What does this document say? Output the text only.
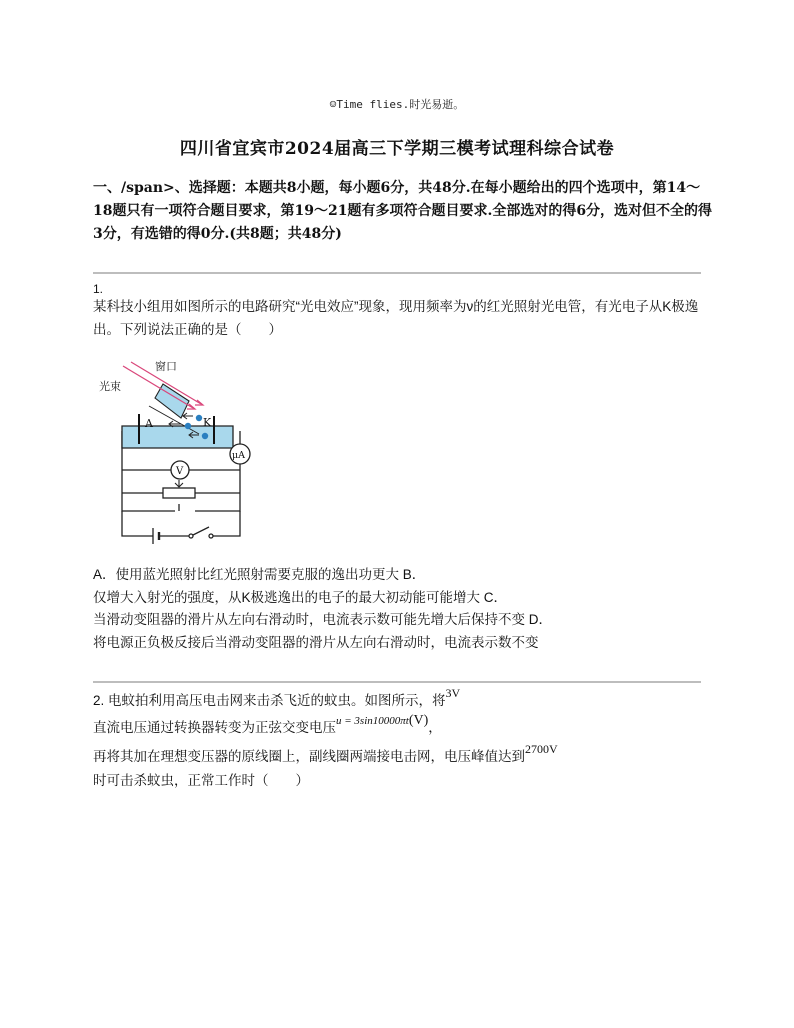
☺Time flies.时光易逝。
四川省宜宾市2024届高三下学期三模考试理科综合试卷
一、/span>、选择题：本题共8小题，每小题6分，共48分.在每小题给出的四个选项中，第14～18题只有一项符合题目要求，第19～21题有多项符合题目要求.全部选对的得6分，选对但不全的得3分，有选错的得0分.(共8题；共48分)
1.
某科技小组用如图所示的电路研究“光电效应”现象，现用频率为ν的红光照射光电管，有光电子从K极逸出。下列说法正确的是（　　）
A	K
窗口
光束
μA
V
A．使用蓝光照射比红光照射需要克服的逸出功更大 B．
仅增大入射光的强度，从K极逃逸出的电子的最大初动能可能增大 C．
当滑动变阻器的滑片从左向右滑动时，电流表示数可能先增大后保持不变 D．
将电源正负极反接后当滑动变阻器的滑片从左向右滑动时，电流表示数不变
2. 电蚊拍利用高压电击网来击杀飞近的蚊虫。如图所示，将3V
直流电压通过转换器转变为正弦交变电压$^{u = 3sin10000\pi t(V)}$，
再将其加在理想变压器的原线圈上，副线圈两端接电击网，电压峰值达到2700V
时可击杀蚊虫，正常工作时（　　）
